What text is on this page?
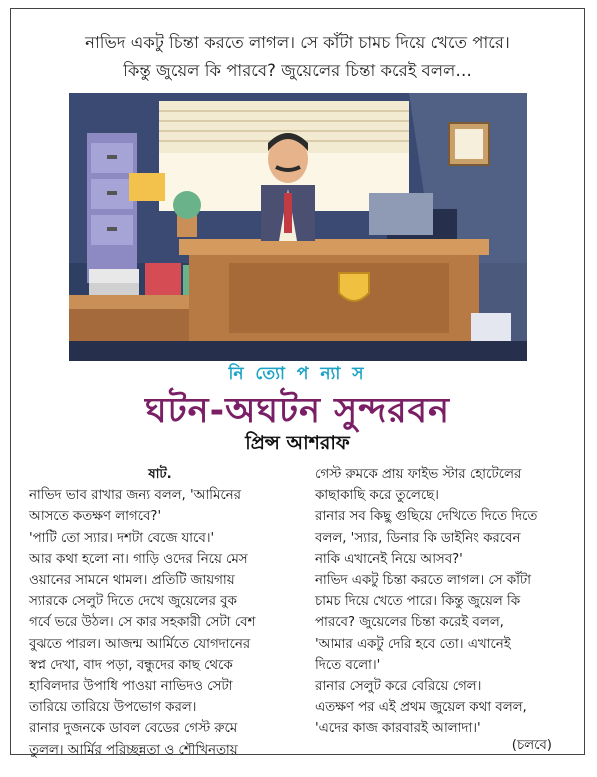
নাভিদ একটু চিন্তা করতে লাগল। সে কাঁটা চামচ দিয়ে খেতে পারে।
কিন্তু জুয়েল কি পারবে? জুয়েলের চিন্তা করেই বলল…
নি ত্যো প ন্যা স
ঘটন-অঘটন সুন্দরবন
প্রিন্স আশরাফ

ষাট.

নাভিদ ভাব রাখার জন্য বলল, 'আমিনের

আসতে কতক্ষণ লাগবে?'

'পাটি তো স্যার। দশটা বেজে যাবে।'

আর কথা হলো না। গাড়ি ওদের নিয়ে মেস

ওয়ানের সামনে থামল। প্রতিটি জায়গায়

স্যারকে সেলুট দিতে দেখে জুয়েলের বুক

গর্বে ভরে উঠল। সে কার সহকারী সেটা বেশ

বুঝতে পারল। আজন্ম আর্মিতে যোগদানের

স্বপ্ন দেখা, বাদ পড়া, বন্ধুদের কাছ থেকে

হাবিলদার উপাধি পাওয়া নাভিদও সেটা

তারিয়ে তারিয়ে উপভোগ করল।

রানার দুজনকে ডাবল বেডের গেস্ট রুমে

তুলল। আর্মির পরিচ্ছন্নতা ও শৌখিনতায়

গেস্ট রুমকে প্রায় ফাইভ স্টার হোটেলের

কাছাকাছি করে তুলেছে।

রানার সব কিছু গুছিয়ে দেখিতে দিতে দিতে

বলল, 'স্যার, ডিনার কি ডাইনিং করবেন

নাকি এখানেই নিয়ে আসব?'

নাভিদ একটু চিন্তা করতে লাগল। সে কাঁটা

চামচ দিয়ে খেতে পারে। কিন্তু জুয়েল কি

পারবে? জুয়েলের চিন্তা করেই বলল,

'আমার একটু দেরি হবে তো। এখানেই

দিতে বলো।'

রানার সেলুট করে বেরিয়ে গেল।

এতক্ষণ পর এই প্রথম জুয়েল কথা বলল,

'এদের কাজ কারবারই আলাদা।'

(চলবে)
